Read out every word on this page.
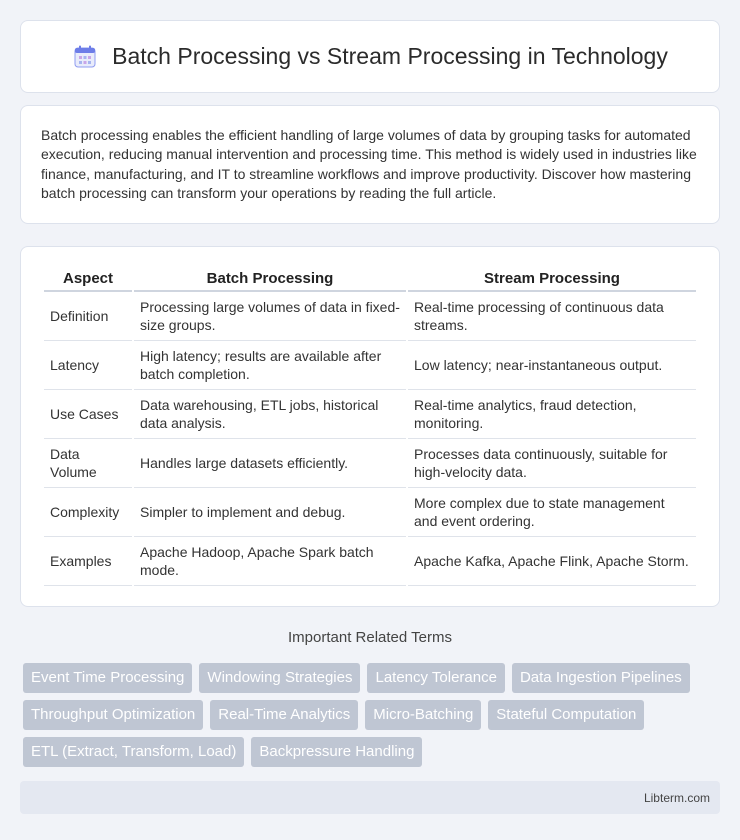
Batch Processing vs Stream Processing in Technology

Batch processing enables the efficient handling of large volumes of data by grouping tasks for automated execution, reducing manual intervention and processing time. This method is widely used in industries like finance, manufacturing, and IT to streamline workflows and improve productivity. Discover how mastering batch processing can transform your operations by reading the full article.

Aspect	Batch Processing	Stream Processing
Definition	Processing large volumes of data in fixed-size groups.	Real-time processing of continuous data streams.
Latency	High latency; results are available after batch completion.	Low latency; near-instantaneous output.
Use Cases	Data warehousing, ETL jobs, historical data analysis.	Real-time analytics, fraud detection, monitoring.
Data Volume	Handles large datasets efficiently.	Processes data continuously, suitable for high-velocity data.
Complexity	Simpler to implement and debug.	More complex due to state management and event ordering.
Examples	Apache Hadoop, Apache Spark batch mode.	Apache Kafka, Apache Flink, Apache Storm.
Important Related Terms
Event Time Processing	Windowing Strategies	Latency Tolerance	Data Ingestion Pipelines
Throughput Optimization	Real-Time Analytics	Micro-Batching	Stateful Computation
ETL (Extract, Transform, Load)	Backpressure Handling
Libterm.com
